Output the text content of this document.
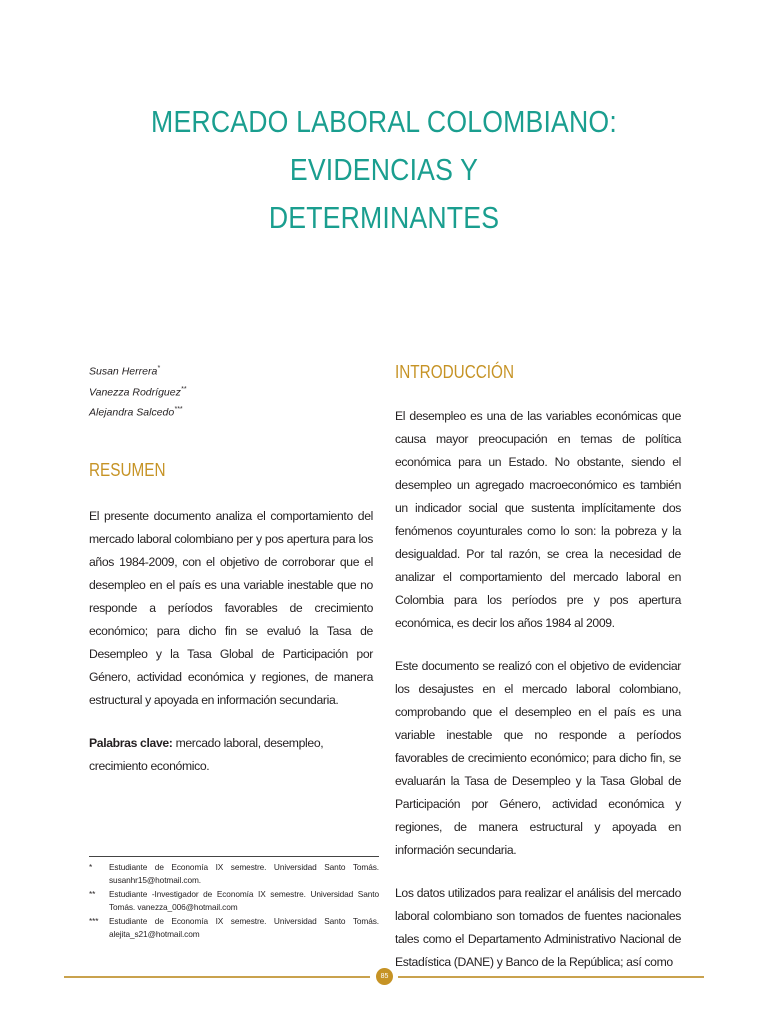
MERCADO LABORAL COLOMBIANO: EVIDENCIAS Y
DETERMINANTES
Susan Herrera*
Vanezza Rodríguez**
Alejandra Salcedo***
RESUMEN
El presente documento analiza el comportamiento del mercado laboral colombiano per y pos apertura para los años 1984-2009, con el objetivo de corroborar que el desempleo en el país es una variable inestable que no responde a períodos favorables de crecimiento económico; para dicho fin se evaluó la Tasa de Desempleo y la Tasa Global de Participación por Género, actividad económica y regiones, de manera estructural y apoyada en información secundaria.
Palabras clave: mercado laboral, desempleo, crecimiento económico.
INTRODUCCIÓN
El desempleo es una de las variables económicas que causa mayor preocupación en temas de política económica para un Estado. No obstante, siendo el desempleo un agregado macroeconómico es también un indicador social que sustenta implícitamente dos fenómenos coyunturales como lo son: la pobreza y la desigualdad. Por tal razón, se crea la necesidad de analizar el comportamiento del mercado laboral en Colombia para los períodos pre y pos apertura económica, es decir los años 1984 al 2009.
Este documento se realizó con el objetivo de evidenciar los desajustes en el mercado laboral colombiano, comprobando que el desempleo en el país es una variable inestable que no responde a períodos favorables de crecimiento económico; para dicho fin, se evaluarán la Tasa de Desempleo y la Tasa Global de Participación por Género, actividad económica y regiones, de manera estructural y apoyada en información secundaria.
Los datos utilizados para realizar el análisis del mercado laboral colombiano son tomados de fuentes nacionales tales como el Departamento Administrativo Nacional de Estadística (DANE) y Banco de la República; así como
*	Estudiante de Economía IX semestre. Universidad Santo Tomás. susanhr15@hotmail.com.
**	Estudiante -Investigador de Economía IX semestre. Universidad Santo Tomás. vanezza_006@hotmail.com
***	Estudiante de Economía IX semestre. Universidad Santo Tomás. alejita_s21@hotmail.com
85
